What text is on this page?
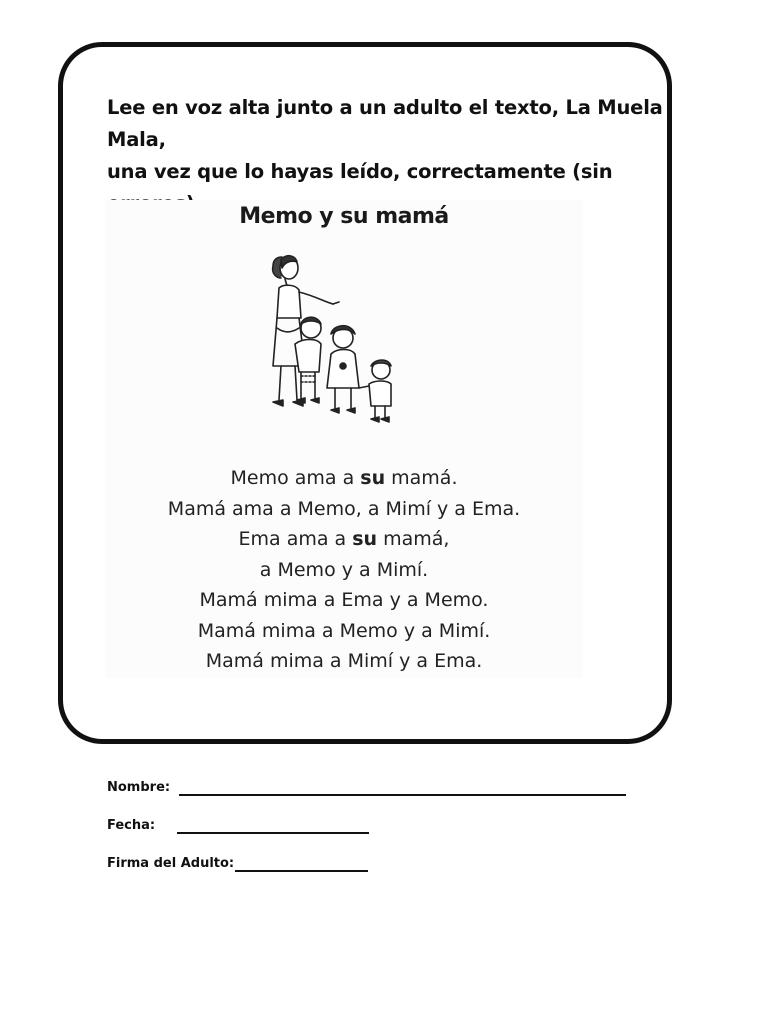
Lee en voz alta junto a un adulto el texto, La Muela Mala,
una vez que lo hayas leído, correctamente (sin

Memo y su mamá
Memo ama a su mamá.
Mamá ama a Memo, a Mimí y a Ema.
Ema ama a su mamá,
a Memo y a Mimí.
Mamá mima a Ema y a Memo.
Mamá mima a Memo y a Mimí.
Mamá mima a Mimí y a Ema.
Nombre:
Fecha:
Firma del Adulto:
